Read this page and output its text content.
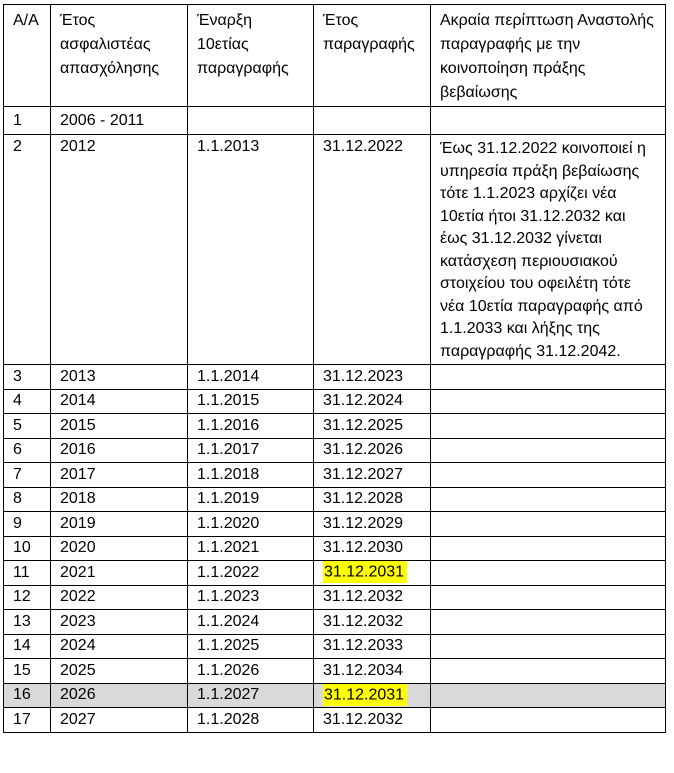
Α/Α	Έτος ασφαλιστέας απασχόλησης	Έναρξη 10ετίας παραγραφής	Έτος παραγραφής	Ακραία περίπτωση Αναστολής παραγραφής με την κοινοποίηση πράξης βεβαίωσης
1	2006 - 2011			
2	2012	1.1.2013	31.12.2022	Έως 31.12.2022 κοινοποιεί η υπηρεσία πράξη βεβαίωσης τότε 1.1.2023 αρχίζει νέα 10ετία ήτοι 31.12.2032 και έως 31.12.2032 γίνεται κατάσχεση περιουσιακού στοιχείου του οφειλέτη τότε νέα 10ετία παραγραφής από 1.1.2033 και λήξης της παραγραφής 31.12.2042.
3	2013	1.1.2014	31.12.2023	
4	2014	1.1.2015	31.12.2024	
5	2015	1.1.2016	31.12.2025	
6	2016	1.1.2017	31.12.2026	
7	2017	1.1.2018	31.12.2027	
8	2018	1.1.2019	31.12.2028	
9	2019	1.1.2020	31.12.2029	
10	2020	1.1.2021	31.12.2030	
11	2021	1.1.2022	31.12.2031	
12	2022	1.1.2023	31.12.2032	
13	2023	1.1.2024	31.12.2032	
14	2024	1.1.2025	31.12.2033	
15	2025	1.1.2026	31.12.2034	
16	2026	1.1.2027	31.12.2031	
17	2027	1.1.2028	31.12.2032	
